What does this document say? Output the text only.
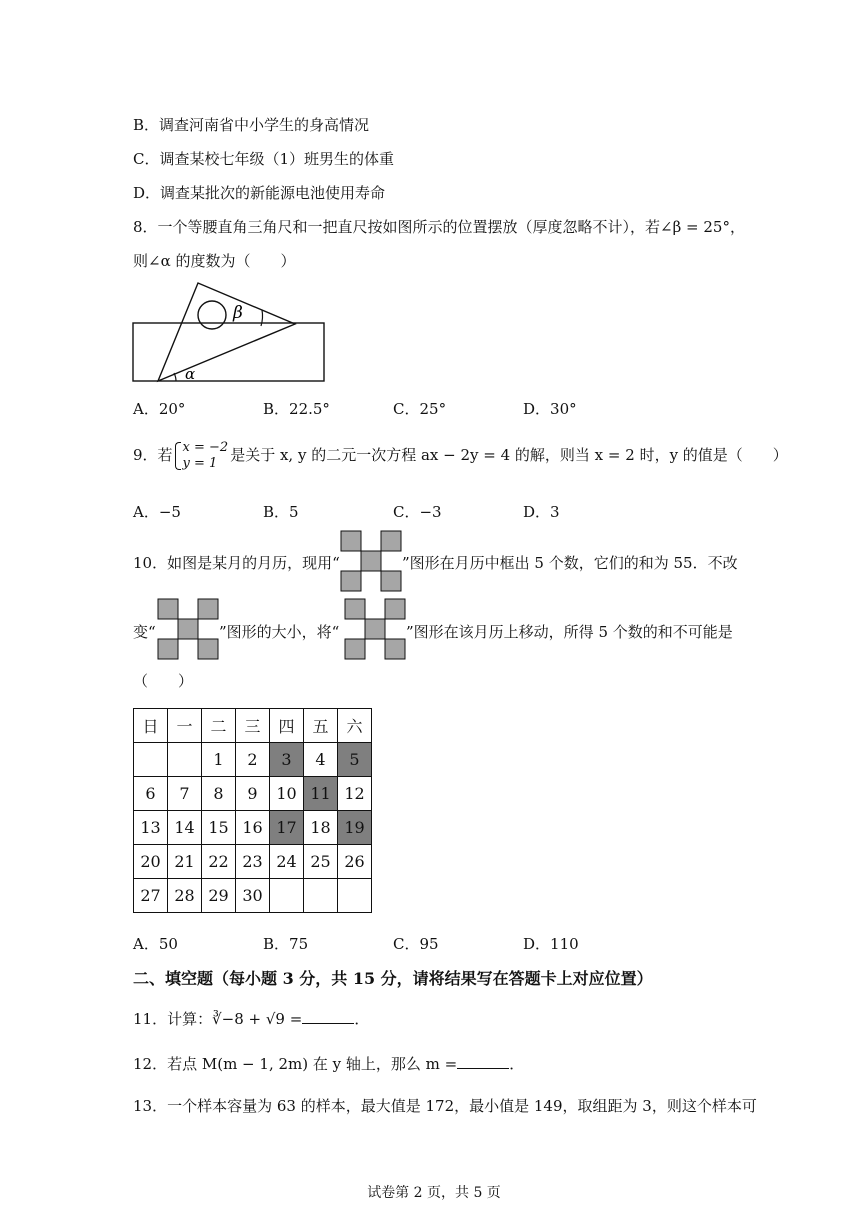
B．调查河南省中小学生的身高情况
C．调查某校七年级（1）班男生的体重
D．调查某批次的新能源电池使用寿命
8．一个等腰直角三角尺和一把直尺按如图所示的位置摆放（厚度忽略不计），若∠β = 25°，
则∠α 的度数为（　　）
β
α
A．20°	B．22.5°	C．25°	D．30°
9．若 x = −2
y = 1 是关于 x, y 的二元一次方程 ax − 2y = 4 的解，则当 x = 2 时，y 的值是（　　）
A．−5	B．5	C．−3	D．3
10．如图是某月的月历，现用“	”图形在月历中框出 5 个数，它们的和为 55．不改
变“	”图形的大小，将“	”图形在该月历上移动，所得 5 个数的和不可能是
（　　）
日	一	二	三	四	五	六
		1	2	3	4	5
6	7	8	9	10	11	12
13	14	15	16	17	18	19
20	21	22	23	24	25	26
27	28	29	30			
A．50	B．75	C．95	D．110
二、填空题（每小题 3 分，共 15 分，请将结果写在答题卡上对应位置）
11．计算：∛−8 + √9 =	．
12．若点 M(m − 1, 2m) 在 y 轴上，那么 m =	．
13．一个样本容量为 63 的样本，最大值是 172，最小值是 149，取组距为 3，则这个样本可
试卷第 2 页，共 5 页
